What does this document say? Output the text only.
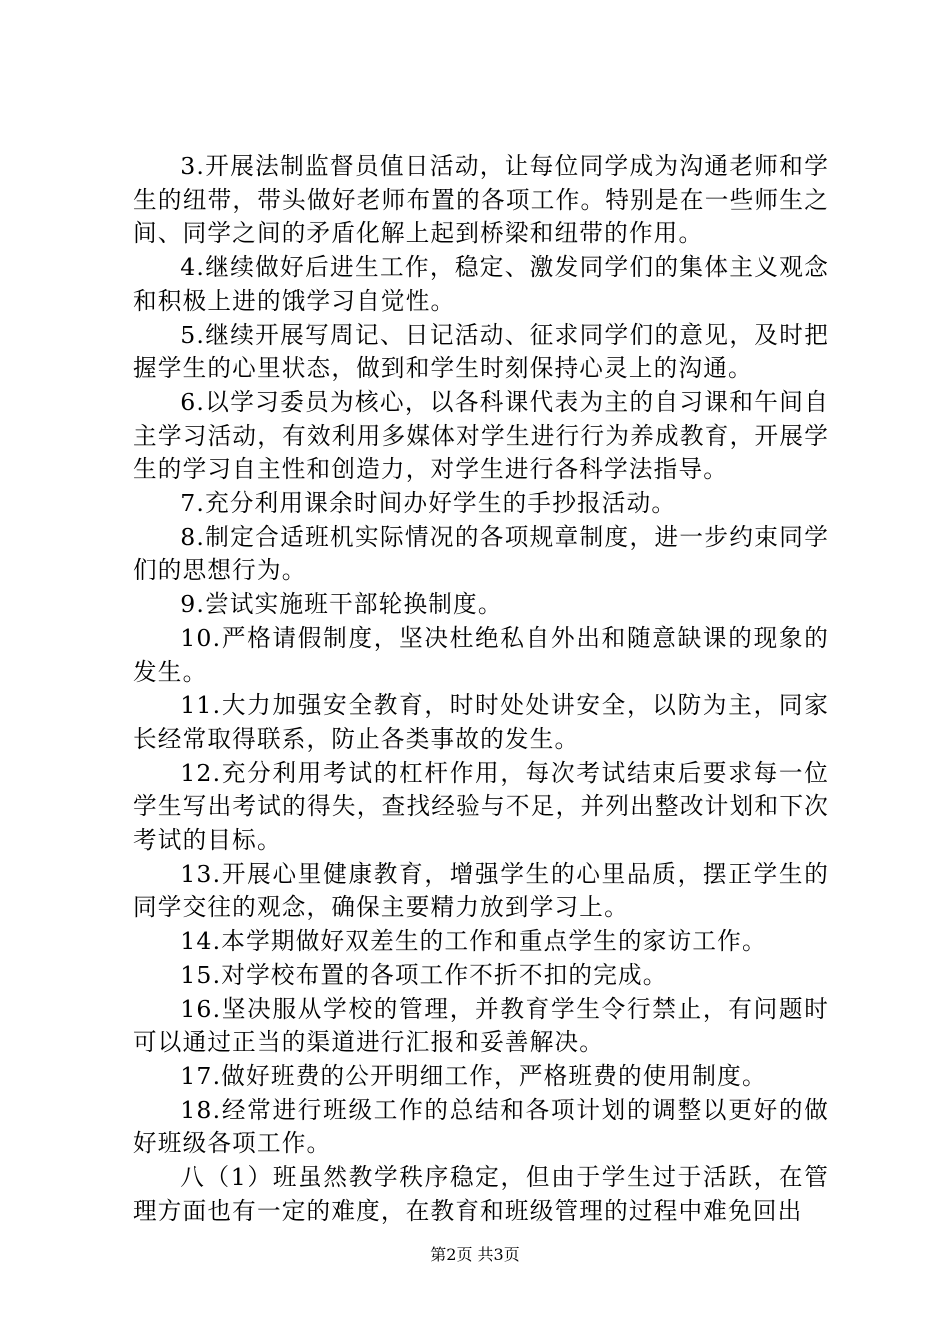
3.开展法制监督员值日活动，让每位同学成为沟通老师和学生的纽带，带头做好老师布置的各项工作。特别是在一些师生之间、同学之间的矛盾化解上起到桥梁和纽带的作用。

4.继续做好后进生工作，稳定、激发同学们的集体主义观念和积极上进的饿学习自觉性。

5.继续开展写周记、日记活动、征求同学们的意见，及时把握学生的心里状态，做到和学生时刻保持心灵上的沟通。

6.以学习委员为核心，以各科课代表为主的自习课和午间自主学习活动，有效利用多媒体对学生进行行为养成教育，开展学生的学习自主性和创造力，对学生进行各科学法指导。

7.充分利用课余时间办好学生的手抄报活动。

8.制定合适班机实际情况的各项规章制度，进一步约束同学们的思想行为。

9.尝试实施班干部轮换制度。

10.严格请假制度，坚决杜绝私自外出和随意缺课的现象的发生。

11.大力加强安全教育，时时处处讲安全，以防为主，同家长经常取得联系，防止各类事故的发生。

12.充分利用考试的杠杆作用，每次考试结束后要求每一位学生写出考试的得失，查找经验与不足，并列出整改计划和下次考试的目标。

13.开展心里健康教育，增强学生的心里品质，摆正学生的同学交往的观念，确保主要精力放到学习上。

14.本学期做好双差生的工作和重点学生的家访工作。

15.对学校布置的各项工作不折不扣的完成。

16.坚决服从学校的管理，并教育学生令行禁止，有问题时可以通过正当的渠道进行汇报和妥善解决。

17.做好班费的公开明细工作，严格班费的使用制度。

18.经常进行班级工作的总结和各项计划的调整以更好的做好班级各项工作。

八（1）班虽然教学秩序稳定，但由于学生过于活跃，在管理方面也有一定的难度，在教育和班级管理的过程中难免回出

第2页 共3页
